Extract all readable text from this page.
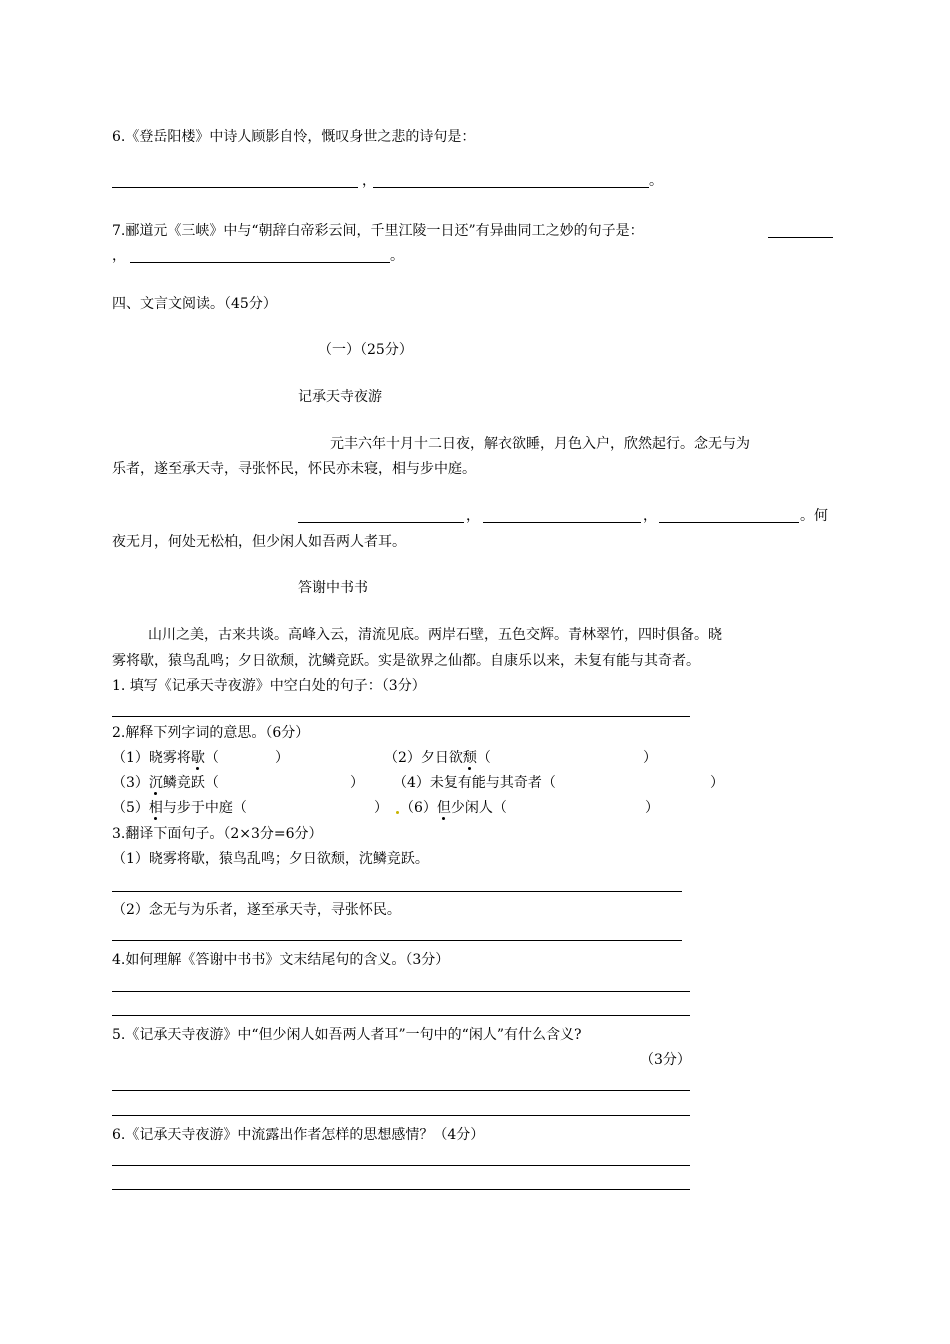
6.《登岳阳楼》中诗人顾影自怜，慨叹身世之悲的诗句是：
，	。
7.郦道元《三峡》中与“朝辞白帝彩云间，千里江陵一日还”有异曲同工之妙的句子是：
，	。
四、文言文阅读。（45分）
（一）（25分）
记承天寺夜游
元丰六年十月十二日夜，解衣欲睡，月色入户，欣然起行。念无与为
乐者，遂至承天寺，寻张怀民，怀民亦未寝，相与步中庭。
，	，	。何
夜无月，何处无松柏，但少闲人如吾两人者耳。
答谢中书书
山川之美，古来共谈。高峰入云，清流见底。两岸石壁，五色交辉。青林翠竹，四时俱备。晓
雾将歇，猿鸟乱鸣；夕日欲颓，沈鳞竞跃。实是欲界之仙都。自康乐以来，未复有能与其奇者。
1. 填写《记承天寺夜游》中空白处的句子：（3分）
2.解释下列字词的意思。（6分）
（1）晓雾将歇（	）	（2）夕日欲颓（	）
（3）沉鳞竞跃（	） （4）未复有能与其奇者（	）
（5）相与步于中庭（	） （6）但少闲人（	）
3.翻译下面句子。（2×3分=6分）
（1）晓雾将歇，猿鸟乱鸣；夕日欲颓，沈鳞竞跃。
（2）念无与为乐者，遂至承天寺，寻张怀民。
4.如何理解《答谢中书书》文末结尾句的含义。（3分）
5.《记承天寺夜游》中“但少闲人如吾两人者耳”一句中的“闲人”有什么含义?
（3分）
6.《记承天寺夜游》中流露出作者怎样的思想感情？（4分）
